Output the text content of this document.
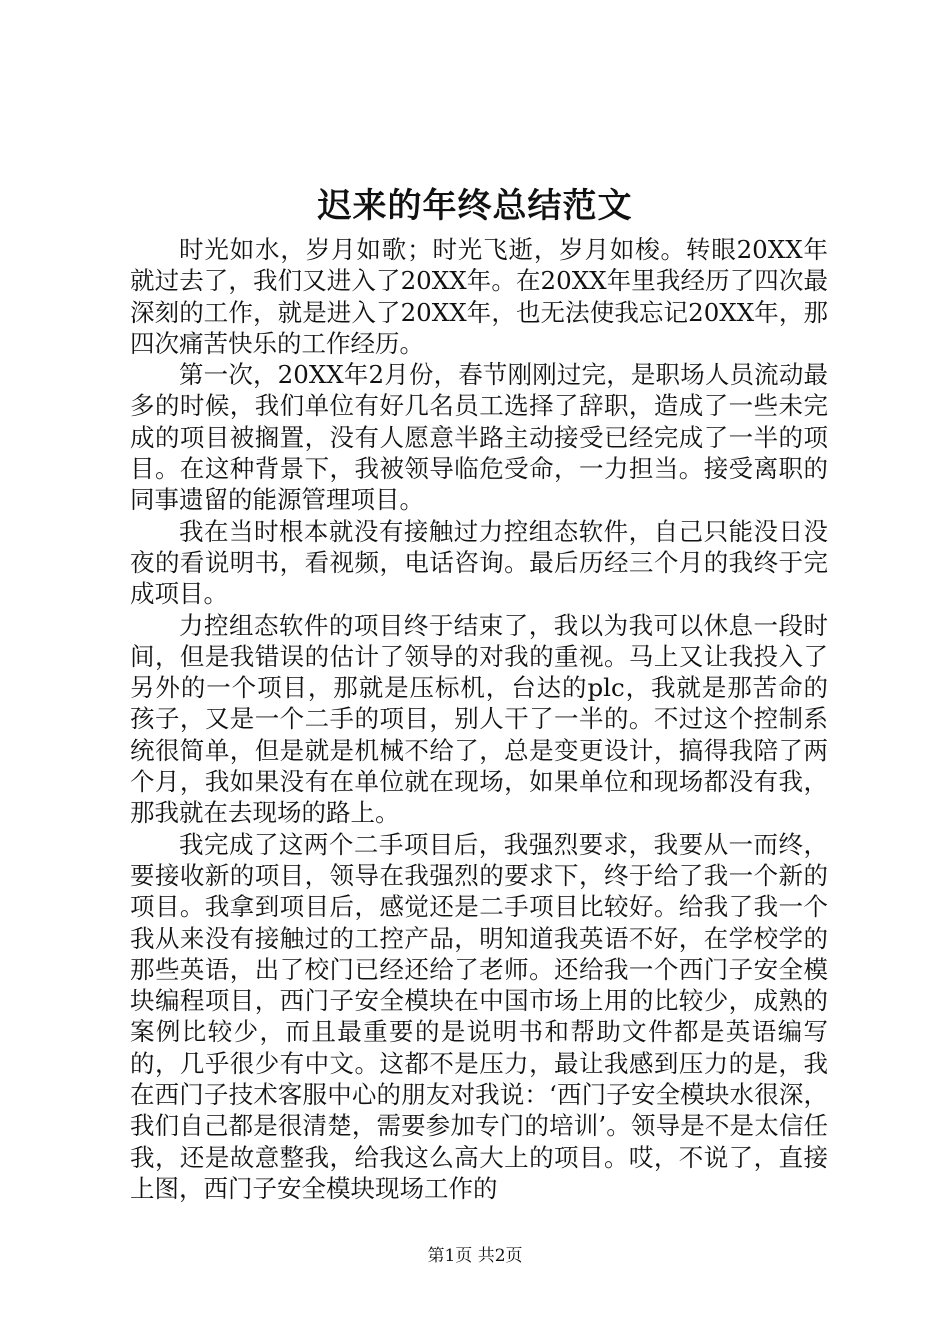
迟来的年终总结范文

时光如水，岁月如歌；时光飞逝，岁月如梭。转眼20XX年就过去了，我们又进入了20XX年。在20XX年里我经历了四次最深刻的工作，就是进入了20XX年，也无法使我忘记20XX年，那四次痛苦快乐的工作经历。

第一次，20XX年2月份，春节刚刚过完，是职场人员流动最多的时候，我们单位有好几名员工选择了辞职，造成了一些未完成的项目被搁置，没有人愿意半路主动接受已经完成了一半的项目。在这种背景下，我被领导临危受命，一力担当。接受离职的同事遗留的能源管理项目。

我在当时根本就没有接触过力控组态软件，自己只能没日没夜的看说明书，看视频，电话咨询。最后历经三个月的我终于完成项目。

力控组态软件的项目终于结束了，我以为我可以休息一段时间，但是我错误的估计了领导的对我的重视。马上又让我投入了另外的一个项目，那就是压标机，台达的plc，我就是那苦命的孩子，又是一个二手的项目，别人干了一半的。不过这个控制系统很简单，但是就是机械不给了，总是变更设计，搞得我陪了两个月，我如果没有在单位就在现场，如果单位和现场都没有我，那我就在去现场的路上。

我完成了这两个二手项目后，我强烈要求，我要从一而终，要接收新的项目，领导在我强烈的要求下，终于给了我一个新的项目。我拿到项目后，感觉还是二手项目比较好。给我了我一个我从来没有接触过的工控产品，明知道我英语不好，在学校学的那些英语，出了校门已经还给了老师。还给我一个西门子安全模块编程项目，西门子安全模块在中国市场上用的比较少，成熟的案例比较少，而且最重要的是说明书和帮助文件都是英语编写的，几乎很少有中文。这都不是压力，最让我感到压力的是，我在西门子技术客服中心的朋友对我说：‘西门子安全模块水很深，我们自己都是很清楚，需要参加专门的培训’。领导是不是太信任我，还是故意整我，给我这么高大上的项目。哎，不说了，直接上图，西门子安全模块现场工作的

第1页 共2页
